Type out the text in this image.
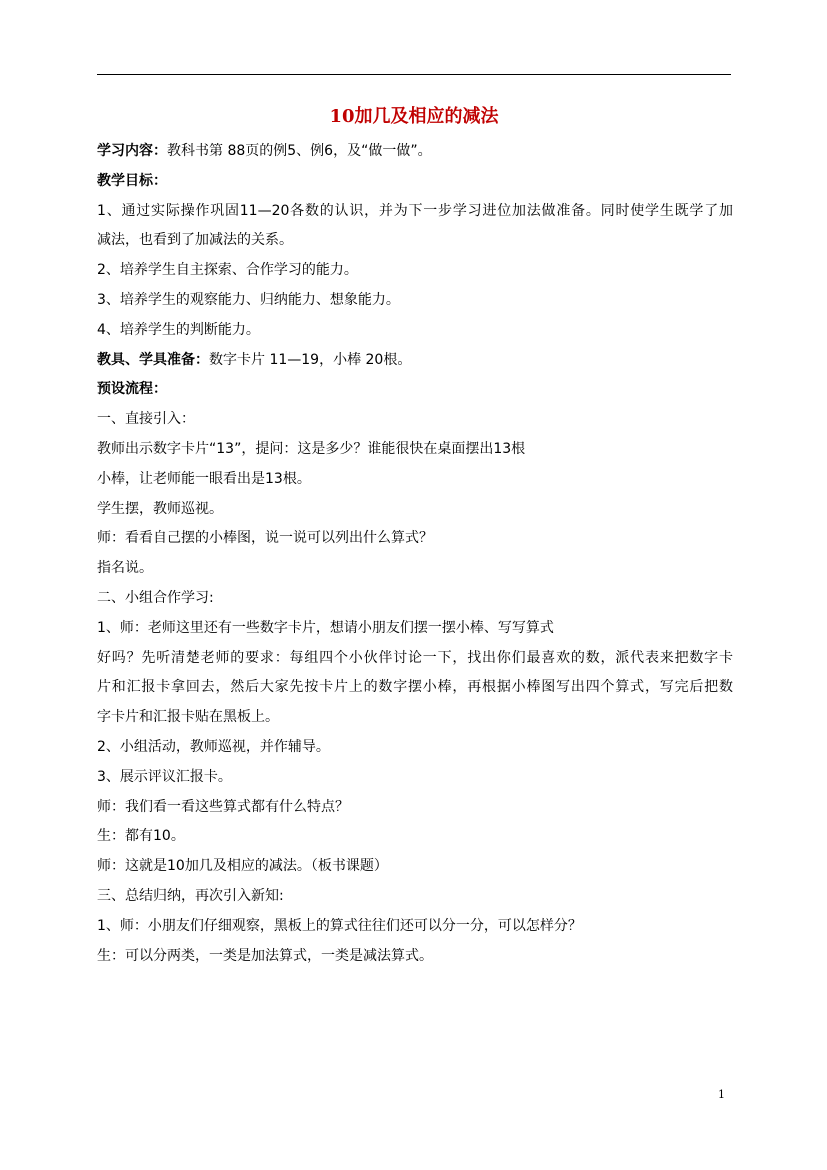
10加几及相应的减法
学习内容：教科书第 88页的例5、例6，及“做一做”。
教学目标：
1、通过实际操作巩固11—20各数的认识，并为下一步学习进位加法做准备。同时使学生既学了加
减法，也看到了加减法的关系。
2、培养学生自主探索、合作学习的能力。
3、培养学生的观察能力、归纳能力、想象能力。
4、培养学生的判断能力。
教具、学具准备：数字卡片 11—19，小棒 20根。
预设流程：
一、直接引入：
教师出示数字卡片“13”，提问：这是多少？谁能很快在桌面摆出13根
小棒，让老师能一眼看出是13根。
学生摆，教师巡视。
师：看看自己摆的小棒图，说一说可以列出什么算式？
指名说。
二、小组合作学习:
1、师：老师这里还有一些数字卡片，想请小朋友们摆一摆小棒、写写算式
好吗？先听清楚老师的要求：每组四个小伙伴讨论一下，找出你们最喜欢的数，派代表来把数字卡
片和汇报卡拿回去，然后大家先按卡片上的数字摆小棒，再根据小棒图写出四个算式，写完后把数
字卡片和汇报卡贴在黑板上。
2、小组活动，教师巡视，并作辅导。
3、展示评议汇报卡。
师：我们看一看这些算式都有什么特点？
生：都有10。
师：这就是10加几及相应的减法。（板书课题）
三、总结归纳，再次引入新知:
1、师：小朋友们仔细观察，黑板上的算式往往们还可以分一分，可以怎样分？
生：可以分两类，一类是加法算式，一类是减法算式。
1
